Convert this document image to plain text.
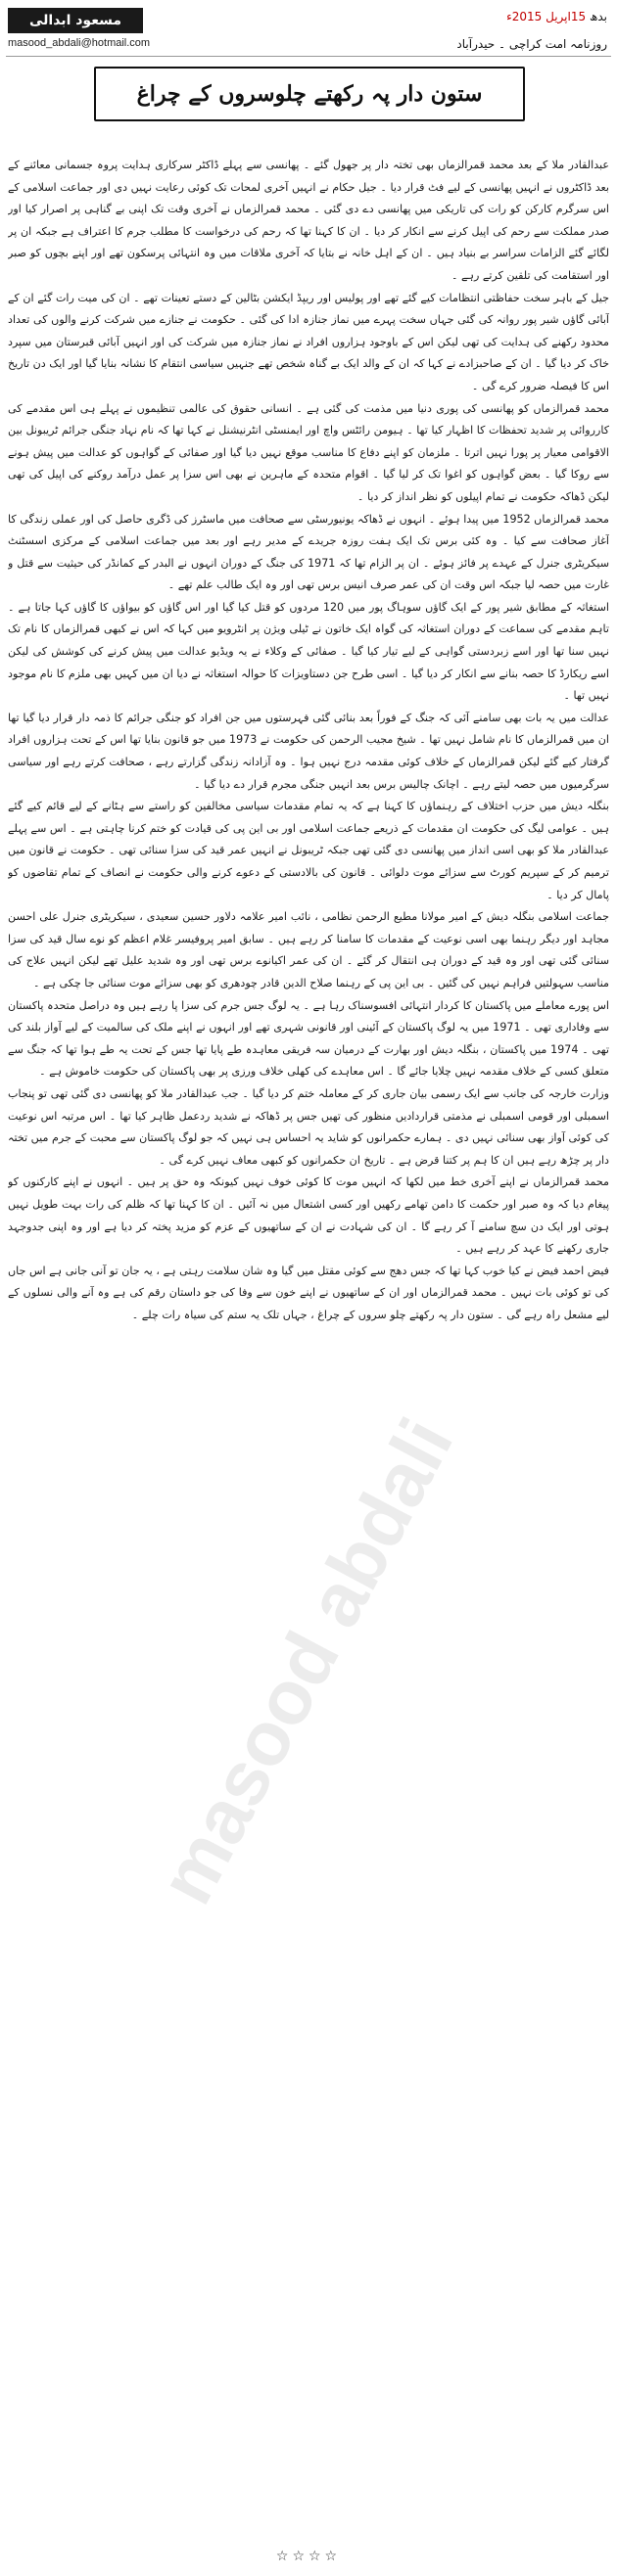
مسعود ابدالی
masood_abdali@hotmail.com
بدھ 15اپریل 2015ء
روزنامہ امت کراچی ۔ حیدرآباد
ستون دار پہ رکھتے چلوسروں کے چراغ
masood abdali

عبدالقادر ملا کے بعد محمد قمرالزماں بھی تختہ دار پر جھول گئے ۔ پھانسی سے پہلے ڈاکٹر سرکاری ہدایت پروہ جسمانی معائنے کے بعد ڈاکٹروں نے انہیں پھانسی کے لیے فٹ قرار دیا ۔ جیل حکام نے انہیں آخری لمحات تک کوئی رعایت نہیں دی اور جماعت اسلامی کے اس سرگرم کارکن کو رات کی تاریکی میں پھانسی دے دی گئی ۔ محمد قمرالزماں نے آخری وقت تک اپنی بے گناہی پر اصرار کیا اور صدر مملکت سے رحم کی اپیل کرنے سے انکار کر دیا ۔ ان کا کہنا تھا کہ رحم کی درخواست کا مطلب جرم کا اعتراف ہے جبکہ ان پر لگائے گئے الزامات سراسر بے بنیاد ہیں ۔ ان کے اہل خانہ نے بتایا کہ آخری ملاقات میں وہ انتہائی پرسکون تھے اور اپنے بچوں کو صبر اور استقامت کی تلقین کرتے رہے ۔

جیل کے باہر سخت حفاظتی انتظامات کیے گئے تھے اور پولیس اور ریپڈ ایکشن بٹالین کے دستے تعینات تھے ۔ ان کی میت رات گئے ان کے آبائی گاؤں شیر پور روانہ کی گئی جہاں سخت پہرے میں نماز جنازہ ادا کی گئی ۔ حکومت نے جنازے میں شرکت کرنے والوں کی تعداد محدود رکھنے کی ہدایت کی تھی لیکن اس کے باوجود ہزاروں افراد نے نماز جنازہ میں شرکت کی اور انہیں آبائی قبرستان میں سپرد خاک کر دیا گیا ۔ ان کے صاحبزادے نے کہا کہ ان کے والد ایک بے گناہ شخص تھے جنہیں سیاسی انتقام کا نشانہ بنایا گیا اور ایک دن تاریخ اس کا فیصلہ ضرور کرے گی ۔

محمد قمرالزماں کو پھانسی کی پوری دنیا میں مذمت کی گئی ہے ۔ انسانی حقوق کی عالمی تنظیموں نے پہلے ہی اس مقدمے کی کارروائی پر شدید تحفظات کا اظہار کیا تھا ۔ ہیومن رائٹس واچ اور ایمنسٹی انٹرنیشنل نے کہا تھا کہ نام نہاد جنگی جرائم ٹریبونل بین الاقوامی معیار پر پورا نہیں اترتا ۔ ملزمان کو اپنے دفاع کا مناسب موقع نہیں دیا گیا اور صفائی کے گواہوں کو عدالت میں پیش ہونے سے روکا گیا ۔ بعض گواہوں کو اغوا تک کر لیا گیا ۔ اقوام متحدہ کے ماہرین نے بھی اس سزا پر عمل درآمد روکنے کی اپیل کی تھی لیکن ڈھاکہ حکومت نے تمام اپیلوں کو نظر انداز کر دیا ۔

محمد قمرالزماں 1952 میں پیدا ہوئے ۔ انہوں نے ڈھاکہ یونیورسٹی سے صحافت میں ماسٹرز کی ڈگری حاصل کی اور عملی زندگی کا آغاز صحافت سے کیا ۔ وہ کئی برس تک ایک ہفت روزہ جریدے کے مدیر رہے اور بعد میں جماعت اسلامی کے مرکزی اسسٹنٹ سیکریٹری جنرل کے عہدے پر فائز ہوئے ۔ ان پر الزام تھا کہ 1971 کی جنگ کے دوران انہوں نے البدر کے کمانڈر کی حیثیت سے قتل و غارت میں حصہ لیا جبکہ اس وقت ان کی عمر صرف انیس برس تھی اور وہ ایک طالب علم تھے ۔

استغاثہ کے مطابق شیر پور کے ایک گاؤں سوہاگ پور میں 120 مردوں کو قتل کیا گیا اور اس گاؤں کو بیواؤں کا گاؤں کہا جاتا ہے ۔ تاہم مقدمے کی سماعت کے دوران استغاثہ کی گواہ ایک خاتون نے ٹیلی ویژن پر انٹرویو میں کہا کہ اس نے کبھی قمرالزماں کا نام تک نہیں سنا تھا اور اسے زبردستی گواہی کے لیے تیار کیا گیا ۔ صفائی کے وکلاء نے یہ ویڈیو عدالت میں پیش کرنے کی کوشش کی لیکن اسے ریکارڈ کا حصہ بنانے سے انکار کر دیا گیا ۔ اسی طرح جن دستاویزات کا حوالہ استغاثہ نے دیا ان میں کہیں بھی ملزم کا نام موجود نہیں تھا ۔

عدالت میں یہ بات بھی سامنے آئی کہ جنگ کے فوراً بعد بنائی گئی فہرستوں میں جن افراد کو جنگی جرائم کا ذمہ دار قرار دیا گیا تھا ان میں قمرالزماں کا نام شامل نہیں تھا ۔ شیخ مجیب الرحمن کی حکومت نے 1973 میں جو قانون بنایا تھا اس کے تحت ہزاروں افراد گرفتار کیے گئے لیکن قمرالزماں کے خلاف کوئی مقدمہ درج نہیں ہوا ۔ وہ آزادانہ زندگی گزارتے رہے ، صحافت کرتے رہے اور سیاسی سرگرمیوں میں حصہ لیتے رہے ۔ اچانک چالیس برس بعد انہیں جنگی مجرم قرار دے دیا گیا ۔

بنگلہ دیش میں حزب اختلاف کے رہنماؤں کا کہنا ہے کہ یہ تمام مقدمات سیاسی مخالفین کو راستے سے ہٹانے کے لیے قائم کیے گئے ہیں ۔ عوامی لیگ کی حکومت ان مقدمات کے ذریعے جماعت اسلامی اور بی این پی کی قیادت کو ختم کرنا چاہتی ہے ۔ اس سے پہلے عبدالقادر ملا کو بھی اسی انداز میں پھانسی دی گئی تھی جبکہ ٹریبونل نے انہیں عمر قید کی سزا سنائی تھی ۔ حکومت نے قانون میں ترمیم کر کے سپریم کورٹ سے سزائے موت دلوائی ۔ قانون کی بالادستی کے دعوے کرنے والی حکومت نے انصاف کے تمام تقاضوں کو پامال کر دیا ۔

جماعت اسلامی بنگلہ دیش کے امیر مولانا مطیع الرحمن نظامی ، نائب امیر علامہ دلاور حسین سعیدی ، سیکریٹری جنرل علی احسن مجاہد اور دیگر رہنما بھی اسی نوعیت کے مقدمات کا سامنا کر رہے ہیں ۔ سابق امیر پروفیسر غلام اعظم کو نوے سال قید کی سزا سنائی گئی تھی اور وہ قید کے دوران ہی انتقال کر گئے ۔ ان کی عمر اکیانوے برس تھی اور وہ شدید علیل تھے لیکن انہیں علاج کی مناسب سہولتیں فراہم نہیں کی گئیں ۔ بی این پی کے رہنما صلاح الدین قادر چودھری کو بھی سزائے موت سنائی جا چکی ہے ۔

اس پورے معاملے میں پاکستان کا کردار انتہائی افسوسناک رہا ہے ۔ یہ لوگ جس جرم کی سزا پا رہے ہیں وہ دراصل متحدہ پاکستان سے وفاداری تھی ۔ 1971 میں یہ لوگ پاکستان کے آئینی اور قانونی شہری تھے اور انہوں نے اپنے ملک کی سالمیت کے لیے آواز بلند کی تھی ۔ 1974 میں پاکستان ، بنگلہ دیش اور بھارت کے درمیان سہ فریقی معاہدہ طے پایا تھا جس کے تحت یہ طے ہوا تھا کہ جنگ سے متعلق کسی کے خلاف مقدمہ نہیں چلایا جائے گا ۔ اس معاہدے کی کھلی خلاف ورزی پر بھی پاکستان کی حکومت خاموش ہے ۔

وزارت خارجہ کی جانب سے ایک رسمی بیان جاری کر کے معاملہ ختم کر دیا گیا ۔ جب عبدالقادر ملا کو پھانسی دی گئی تھی تو پنجاب اسمبلی اور قومی اسمبلی نے مذمتی قراردادیں منظور کی تھیں جس پر ڈھاکہ نے شدید ردعمل ظاہر کیا تھا ۔ اس مرتبہ اس نوعیت کی کوئی آواز بھی سنائی نہیں دی ۔ ہمارے حکمرانوں کو شاید یہ احساس ہی نہیں کہ جو لوگ پاکستان سے محبت کے جرم میں تختہ دار پر چڑھ رہے ہیں ان کا ہم پر کتنا قرض ہے ۔ تاریخ ان حکمرانوں کو کبھی معاف نہیں کرے گی ۔

محمد قمرالزماں نے اپنے آخری خط میں لکھا کہ انہیں موت کا کوئی خوف نہیں کیونکہ وہ حق پر ہیں ۔ انہوں نے اپنے کارکنوں کو پیغام دیا کہ وہ صبر اور حکمت کا دامن تھامے رکھیں اور کسی اشتعال میں نہ آئیں ۔ ان کا کہنا تھا کہ ظلم کی رات بہت طویل نہیں ہوتی اور ایک دن سچ سامنے آ کر رہے گا ۔ ان کی شہادت نے ان کے ساتھیوں کے عزم کو مزید پختہ کر دیا ہے اور وہ اپنی جدوجہد جاری رکھنے کا عہد کر رہے ہیں ۔

فیض احمد فیض نے کیا خوب کہا تھا کہ جس دھج سے کوئی مقتل میں گیا وہ شان سلامت رہتی ہے ، یہ جان تو آنی جانی ہے اس جاں کی تو کوئی بات نہیں ۔ محمد قمرالزماں اور ان کے ساتھیوں نے اپنے خون سے وفا کی جو داستان رقم کی ہے وہ آنے والی نسلوں کے لیے مشعل راہ رہے گی ۔ ستون دار پہ رکھتے چلو سروں کے چراغ ، جہاں تلک یہ ستم کی سیاہ رات چلے ۔

☆☆☆☆
